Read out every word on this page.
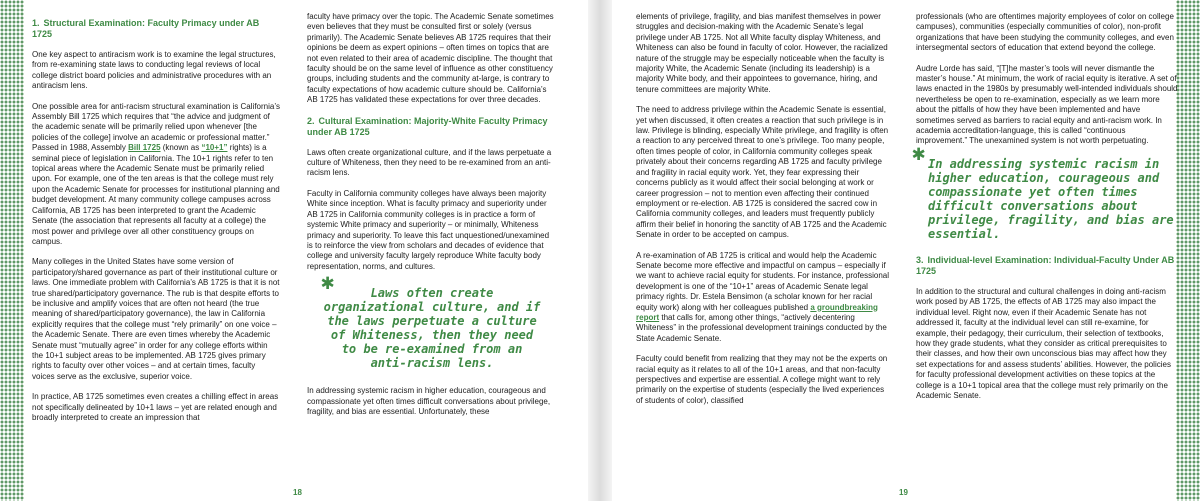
1. Structural Examination: Faculty Primacy under AB 1725

One key aspect to antiracism work is to examine the legal structures, from re-examining state laws to conducting legal reviews of local college district board policies and administrative procedures with an antiracism lens.

One possible area for anti-racism structural examination is California’s Assembly Bill 1725 which requires that “the advice and judgment of the academic senate will be primarily relied upon whenever [the policies of the college] involve an academic or professional matter.” Passed in 1988, Assembly Bill 1725 (known as “10+1” rights) is a seminal piece of legislation in California. The 10+1 rights refer to ten topical areas where the Academic Senate must be primarily relied upon. For example, one of the ten areas is that the college must rely upon the Academic Senate for processes for institutional planning and budget development. At many community college campuses across California, AB 1725 has been interpreted to grant the Academic Senate (the association that represents all faculty at a college) the most power and privilege over all other constituency groups on campus.

Many colleges in the United States have some version of participatory/shared governance as part of their institutional culture or laws. One immediate problem with California’s AB 1725 is that it is not true shared/participatory governance. The rub is that despite efforts to be inclusive and amplify voices that are often not heard (the true meaning of shared/participatory governance), the law in California explicitly requires that the college must “rely primarily” on one voice – the Academic Senate. There are even times whereby the Academic Senate must “mutually agree” in order for any college efforts within the 10+1 subject areas to be implemented. AB 1725 gives primary rights to faculty over other voices – and at certain times, faculty voices serve as the exclusive, superior voice.

In practice, AB 1725 sometimes even creates a chilling effect in areas not specifically delineated by 10+1 laws – yet are related enough and broadly interpreted to create an impression that

faculty have primacy over the topic. The Academic Senate sometimes even believes that they must be consulted first or solely (versus primarily). The Academic Senate believes AB 1725 requires that their opinions be deem as expert opinions – often times on topics that are not even related to their area of academic discipline. The thought that faculty should be on the same level of influence as other constituency groups, including students and the community at-large, is contrary to faculty expectations of how academic culture should be. California’s AB 1725 has validated these expectations for over three decades.

2. Cultural Examination: Majority-White Faculty Primacy under AB 1725

Laws often create organizational culture, and if the laws perpetuate a culture of Whiteness, then they need to be re-examined from an anti-racism lens.

Faculty in California community colleges have always been majority White since inception. What is faculty primacy and superiority under AB 1725 in California community colleges is in practice a form of systemic White primacy and superiority – or minimally, Whiteness primacy and superiority. To leave this fact unquestioned/unexamined is to reinforce the view from scholars and decades of evidence that college and university faculty largely reproduce White faculty body representation, norms, and cultures.

✱	Laws often create organizational culture, and if the laws perpetuate a culture of Whiteness, then they need to be re-examined from an anti-racism lens.

In addressing systemic racism in higher education, courageous and compassionate yet often times difficult conversations about privilege, fragility, and bias are essential. Unfortunately, these

18

elements of privilege, fragility, and bias manifest themselves in power struggles and decision-making with the Academic Senate’s legal privilege under AB 1725. Not all White faculty display Whiteness, and Whiteness can also be found in faculty of color. However, the racialized nature of the struggle may be especially noticeable when the faculty is majority White, the Academic Senate (including its leadership) is a majority White body, and their appointees to governance, hiring, and tenure committees are majority White.

The need to address privilege within the Academic Senate is essential, yet when discussed, it often creates a reaction that such privilege is in law. Privilege is blinding, especially White privilege, and fragility is often a reaction to any perceived threat to one’s privilege. Too many people, often times people of color, in California community colleges speak privately about their concerns regarding AB 1725 and faculty privilege and fragility in racial equity work. Yet, they fear expressing their concerns publicly as it would affect their social belonging at work or career progression – not to mention even affecting their continued employment or re-election. AB 1725 is considered the sacred cow in California community colleges, and leaders must frequently publicly affirm their belief in honoring the sanctity of AB 1725 and the Academic Senate in order to be accepted on campus.

A re-examination of AB 1725 is critical and would help the Academic Senate become more effective and impactful on campus – especially if we want to achieve racial equity for students. For instance, professional development is one of the “10+1” areas of Academic Senate legal primacy rights. Dr. Estela Bensimon (a scholar known for her racial equity work) along with her colleagues published a groundbreaking report that calls for, among other things, “actively decentering Whiteness” in the professional development trainings conducted by the State Academic Senate.

Faculty could benefit from realizing that they may not be the experts on racial equity as it relates to all of the 10+1 areas, and that non-faculty perspectives and expertise are essential. A college might want to rely primarily on the expertise of students (especially the lived experiences of students of color), classified

professionals (who are oftentimes majority employees of color on college campuses), communities (especially communities of color), non-profit organizations that have been studying the community colleges, and even intersegmental sectors of education that extend beyond the college.

Audre Lorde has said, “[T]he master’s tools will never dismantle the master’s house.” At minimum, the work of racial equity is iterative. A set of laws enacted in the 1980s by presumably well-intended individuals should nevertheless be open to re-examination, especially as we learn more about the pitfalls of how they have been implemented and have sometimes served as barriers to racial equity and anti-racism work. In academia accreditation-language, this is called “continuous improvement.” The unexamined system is not worth perpetuating.

✱ In addressing systemic racism in higher education, courageous and compassionate yet often times difficult conversations about privilege, fragility, and bias are essential.
3. Individual-level Examination: Individual-Faculty Under AB 1725

In addition to the structural and cultural challenges in doing anti-racism work posed by AB 1725, the effects of AB 1725 may also impact the individual level. Right now, even if their Academic Senate has not addressed it, faculty at the individual level can still re-examine, for example, their pedagogy, their curriculum, their selection of textbooks, how they grade students, what they consider as critical prerequisites to their classes, and how their own unconscious bias may affect how they set expectations for and assess students’ abilities. However, the policies for faculty professional development activities on these topics at the college is a 10+1 topical area that the college must rely primarily on the Academic Senate.

19
